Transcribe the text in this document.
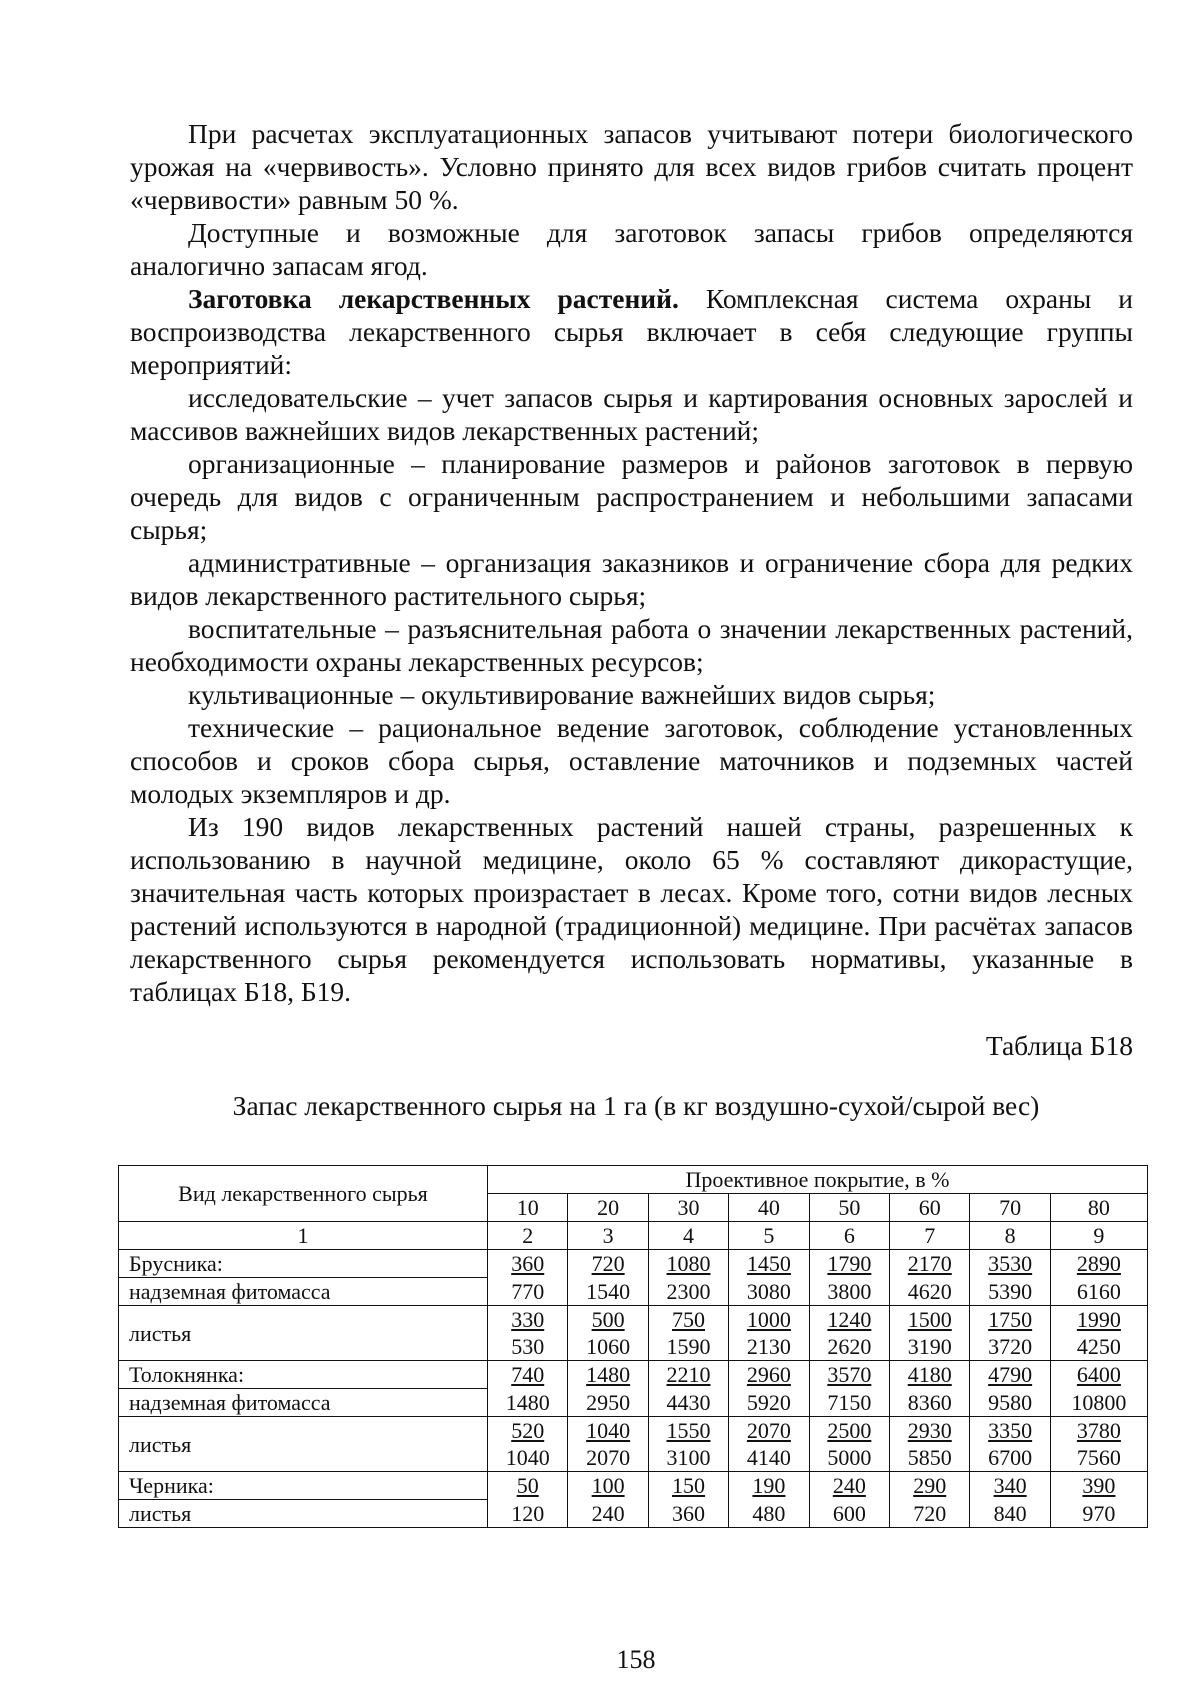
При расчетах эксплуатационных запасов учитывают потери биологического урожая на «червивость». Условно принято для всех видов грибов считать процент «червивости» равным 50 %.

Доступные и возможные для заготовок запасы грибов определяются аналогично запасам ягод.

Заготовка лекарственных растений. Комплексная система охраны и воспроизводства лекарственного сырья включает в себя следующие группы мероприятий:

исследовательские – учет запасов сырья и картирования основных зарослей и массивов важнейших видов лекарственных растений;

организационные – планирование размеров и районов заготовок в первую очередь для видов с ограниченным распространением и небольшими запасами сырья;

административные – организация заказников и ограничение сбора для редких видов лекарственного растительного сырья;

воспитательные – разъяснительная работа о значении лекарственных растений, необходимости охраны лекарственных ресурсов;

культивационные – окультивирование важнейших видов сырья;

технические – рациональное ведение заготовок, соблюдение установленных способов и сроков сбора сырья, оставление маточников и подземных частей молодых экземпляров и др.

Из 190 видов лекарственных растений нашей страны, разрешенных к использованию в научной медицине, около 65 % составляют дикорастущие, значительная часть которых произрастает в лесах. Кроме того, сотни видов лесных растений используются в народной (традиционной) медицине. При расчётах запасов лекарственного сырья рекомендуется использовать нормативы, указанные в таблицах Б18, Б19.

Таблица Б18
Запас лекарственного сырья на 1 га (в кг воздушно-сухой/сырой вес)
Вид лекарственного сырья	Проективное покрытие, в %							
	10	20	30	40	50	60	70	80
1	2	3	4	5	6	7	8	9
Брусника:	360	720	1080	1450	1790	2170	3530	2890
надземная фитомасса	770	1540	2300	3080	3800	4620	5390	6160
листья	330	500	750	1000	1240	1500	1750	1990
	530	1060	1590	2130	2620	3190	3720	4250
Толокнянка:	740	1480	2210	2960	3570	4180	4790	6400
надземная фитомасса	1480	2950	4430	5920	7150	8360	9580	10800
листья	520	1040	1550	2070	2500	2930	3350	3780
	1040	2070	3100	4140	5000	5850	6700	7560
Черника:	50	100	150	190	240	290	340	390
листья	120	240	360	480	600	720	840	970
158
